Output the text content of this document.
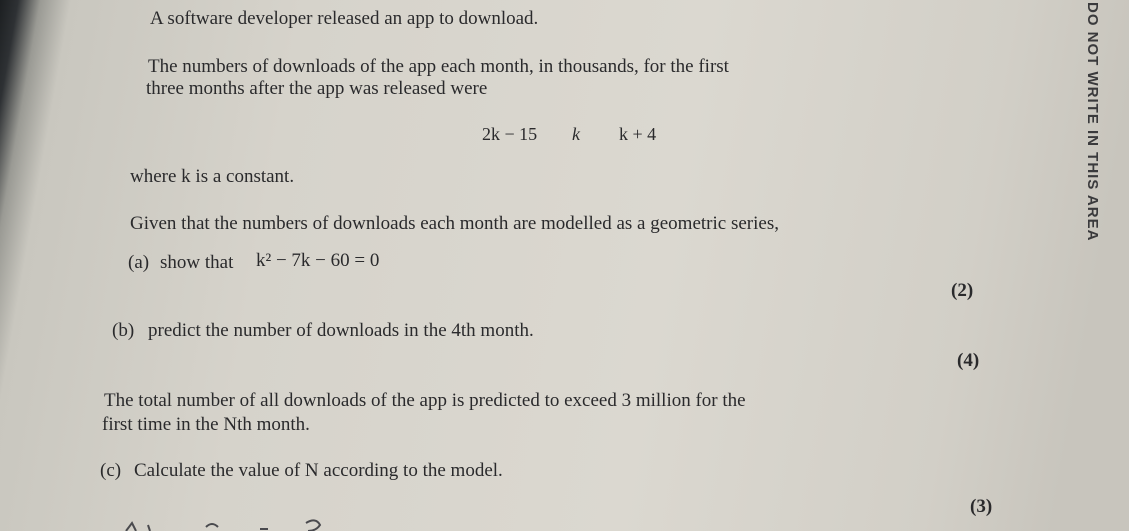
A software developer released an app to download.
The numbers of downloads of the app each month, in thousands, for the first
three months after the app was released were
2k − 15 k k + 4
where k is a constant.
Given that the numbers of downloads each month are modelled as a geometric series,
(a) show that k² − 7k − 60 = 0
(2)
(b) predict the number of downloads in the 4th month.
(4)
The total number of all downloads of the app is predicted to exceed 3 million for the
first time in the Nth month.
(c) Calculate the value of N according to the model.
(3)
DO NOT WRITE IN THIS AREA
